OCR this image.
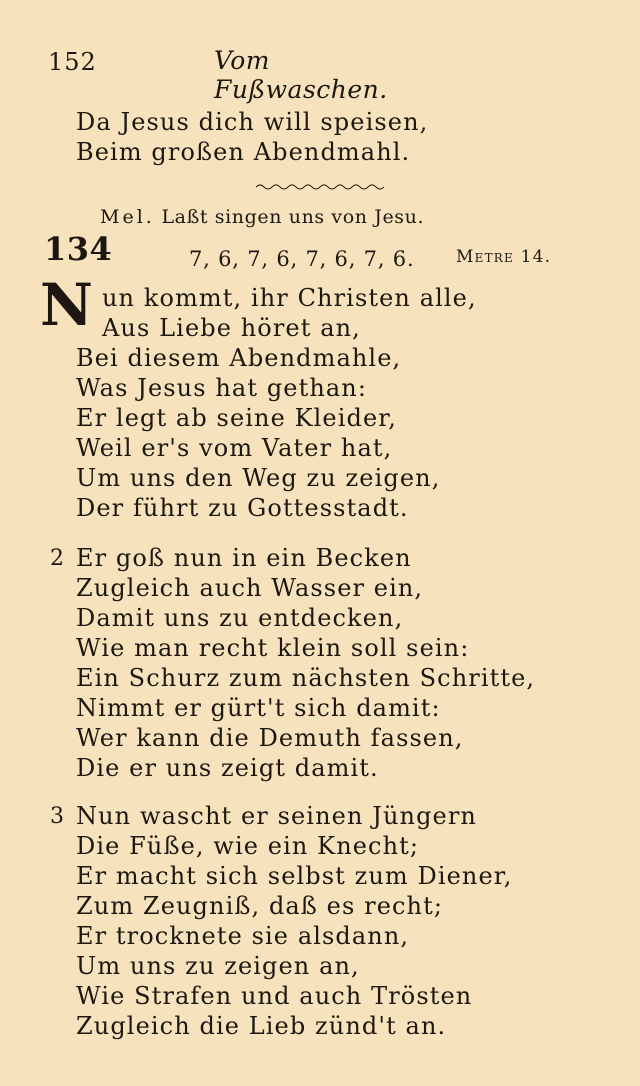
152	Vom Fußwaschen.
Da Jesus dich will speisen,
Beim großen Abendmahl.
Mel. Laßt singen uns von Jesu.
134	7, 6, 7, 6, 7, 6, 7, 6. Metre 14.
N un kommt, ihr Christen alle,
Aus Liebe höret an,
Bei diesem Abendmahle,
Was Jesus hat gethan:
Er legt ab seine Kleider,
Weil er's vom Vater hat,
Um uns den Weg zu zeigen,
Der führt zu Gottesstadt.
2 Er goß nun in ein Becken
Zugleich auch Wasser ein,
Damit uns zu entdecken,
Wie man recht klein soll sein:
Ein Schurz zum nächsten Schritte,
Nimmt er gürt't sich damit:
Wer kann die Demuth fassen,
Die er uns zeigt damit.
3 Nun wascht er seinen Jüngern
Die Füße, wie ein Knecht;
Er macht sich selbst zum Diener,
Zum Zeugniß, daß es recht;
Er trocknete sie alsdann,
Um uns zu zeigen an,
Wie Strafen und auch Trösten
Zugleich die Lieb zünd't an.
